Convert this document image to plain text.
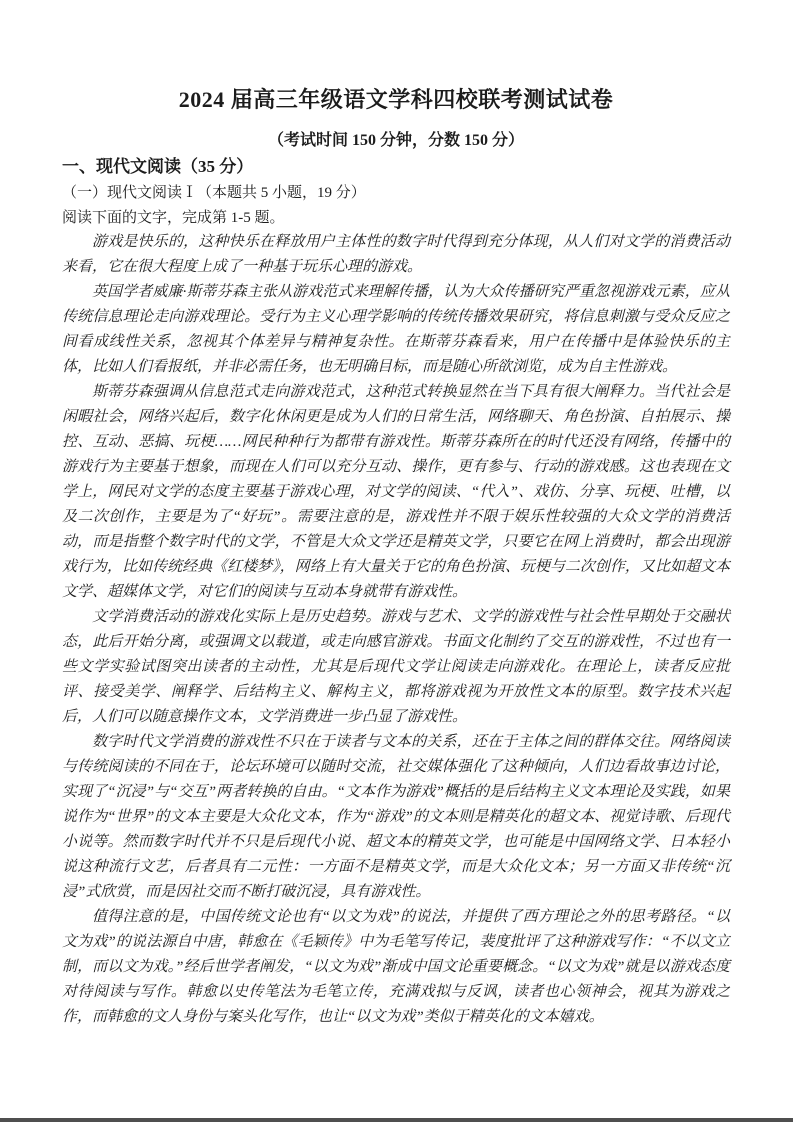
2024 届高三年级语文学科四校联考测试试卷
（考试时间 150 分钟，分数 150 分）
一、现代文阅读（35 分）
（一）现代文阅读Ⅰ（本题共 5 小题，19 分）
阅读下面的文字，完成第 1-5 题。

游戏是快乐的，这种快乐在释放用户主体性的数字时代得到充分体现，从人们对文学的消费活动来看，它在很大程度上成了一种基于玩乐心理的游戏。

英国学者威廉·斯蒂芬森主张从游戏范式来理解传播，认为大众传播研究严重忽视游戏元素，应从传统信息理论走向游戏理论。受行为主义心理学影响的传统传播效果研究，将信息刺激与受众反应之间看成线性关系，忽视其个体差异与精神复杂性。在斯蒂芬森看来，用户在传播中是体验快乐的主体，比如人们看报纸，并非必需任务，也无明确目标，而是随心所欲浏览，成为自主性游戏。

斯蒂芬森强调从信息范式走向游戏范式，这种范式转换显然在当下具有很大阐释力。当代社会是闲暇社会，网络兴起后，数字化休闲更是成为人们的日常生活，网络聊天、角色扮演、自拍展示、操控、互动、恶搞、玩梗……网民种种行为都带有游戏性。斯蒂芬森所在的时代还没有网络，传播中的游戏行为主要基于想象，而现在人们可以充分互动、操作，更有参与、行动的游戏感。这也表现在文学上，网民对文学的态度主要基于游戏心理，对文学的阅读、“代入”、戏仿、分享、玩梗、吐槽，以及二次创作，主要是为了“好玩”。需要注意的是，游戏性并不限于娱乐性较强的大众文学的消费活动，而是指整个数字时代的文学，不管是大众文学还是精英文学，只要它在网上消费时，都会出现游戏行为，比如传统经典《红楼梦》，网络上有大量关于它的角色扮演、玩梗与二次创作，又比如超文本文学、超媒体文学，对它们的阅读与互动本身就带有游戏性。

文学消费活动的游戏化实际上是历史趋势。游戏与艺术、文学的游戏性与社会性早期处于交融状态，此后开始分离，或强调文以载道，或走向感官游戏。书面文化制约了交互的游戏性，不过也有一些文学实验试图突出读者的主动性，尤其是后现代文学让阅读走向游戏化。在理论上，读者反应批评、接受美学、阐释学、后结构主义、解构主义，都将游戏视为开放性文本的原型。数字技术兴起后，人们可以随意操作文本，文学消费进一步凸显了游戏性。

数字时代文学消费的游戏性不只在于读者与文本的关系，还在于主体之间的群体交往。网络阅读与传统阅读的不同在于，论坛环境可以随时交流，社交媒体强化了这种倾向，人们边看故事边讨论，实现了“沉浸”与“交互”两者转换的自由。“文本作为游戏”概括的是后结构主义文本理论及实践，如果说作为“世界”的文本主要是大众化文本，作为“游戏”的文本则是精英化的超文本、视觉诗歌、后现代小说等。然而数字时代并不只是后现代小说、超文本的精英文学，也可能是中国网络文学、日本轻小说这种流行文艺，后者具有二元性：一方面不是精英文学，而是大众化文本；另一方面又非传统“沉浸”式欣赏，而是因社交而不断打破沉浸，具有游戏性。

值得注意的是，中国传统文论也有“以文为戏”的说法，并提供了西方理论之外的思考路径。“以文为戏”的说法源自中唐，韩愈在《毛颖传》中为毛笔写传记，裴度批评了这种游戏写作：“不以文立制，而以文为戏。”经后世学者阐发，“以文为戏”渐成中国文论重要概念。“以文为戏”就是以游戏态度对待阅读与写作。韩愈以史传笔法为毛笔立传，充满戏拟与反讽，读者也心领神会，视其为游戏之作，而韩愈的文人身份与案头化写作，也让“以文为戏”类似于精英化的文本嬉戏。
